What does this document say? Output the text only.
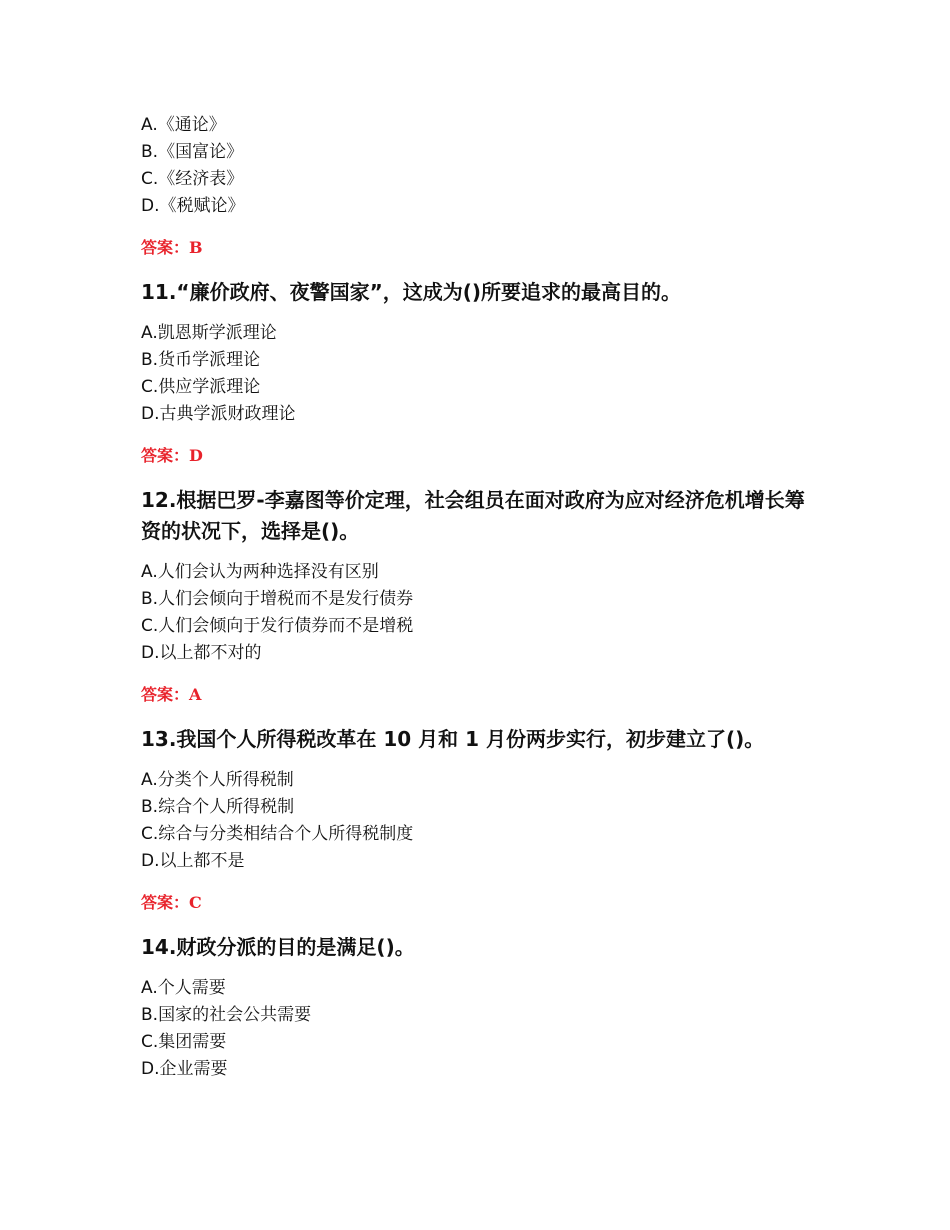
A.《通论》
B.《国富论》
C.《经济表》
D.《税赋论》
答案：B
11.“廉价政府、夜警国家”，这成为()所要追求的最高目的。
A.凯恩斯学派理论
B.货币学派理论
C.供应学派理论
D.古典学派财政理论
答案：D
12.根据巴罗-李嘉图等价定理，社会组员在面对政府为应对经济危机增长筹资的状况下，选择是()。
A.人们会认为两种选择没有区别
B.人们会倾向于增税而不是发行债券
C.人们会倾向于发行债券而不是增税
D.以上都不对的
答案：A
13.我国个人所得税改革在 10 月和 1 月份两步实行，初步建立了()。
A.分类个人所得税制
B.综合个人所得税制
C.综合与分类相结合个人所得税制度
D.以上都不是
答案：C
14.财政分派的目的是满足()。
A.个人需要
B.国家的社会公共需要
C.集团需要
D.企业需要
